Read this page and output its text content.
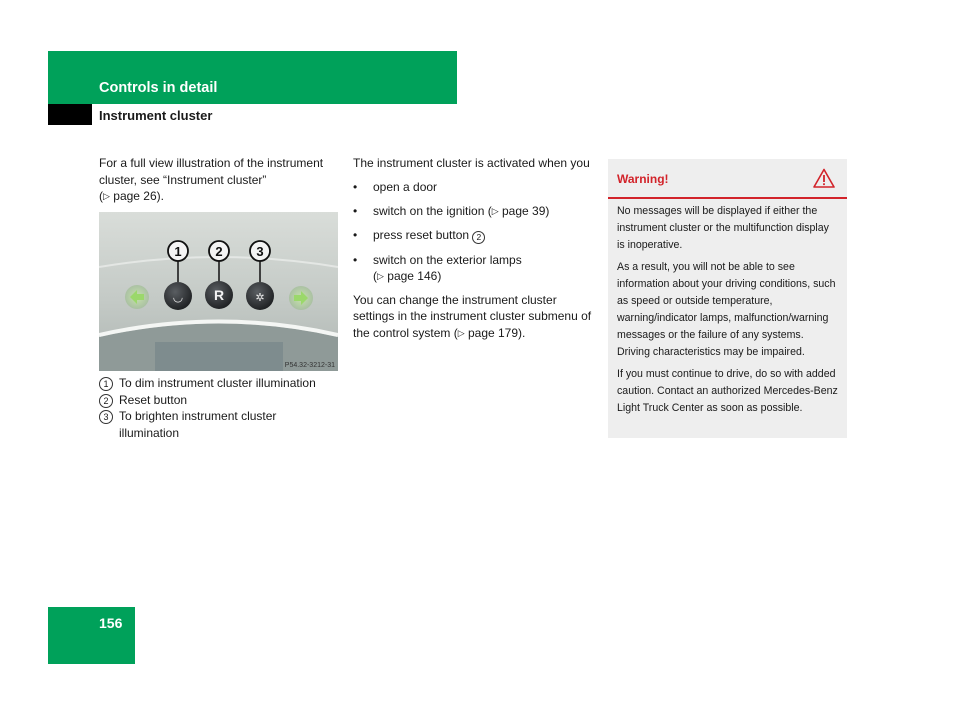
Controls in detail
Instrument cluster

For a full view illustration of the instrument
cluster, see “Instrument cluster”
(▷ page 26).

◡ R	✲
1	2	3
P54.32-3212-31
1 To dim instrument cluster illumination
2 Reset button
3 To brighten instrument cluster illumination

The instrument cluster is activated when you

• open a door
• switch on the ignition (▷ page 39)
• press reset button 2
• switch on the exterior lamps
(▷ page 146)

You can change the instrument cluster settings in the instrument cluster submenu of the control system (▷ page 179).

Warning!

No messages will be displayed if either the instrument cluster or the multifunction display is inoperative.

As a result, you will not be able to see information about your driving conditions, such as speed or outside temperature, warning/indicator lamps, malfunction/warning messages or the failure of any systems. Driving characteristics may be impaired.

If you must continue to drive, do so with added caution. Contact an authorized Mercedes-Benz Light Truck Center as soon as possible.

156
